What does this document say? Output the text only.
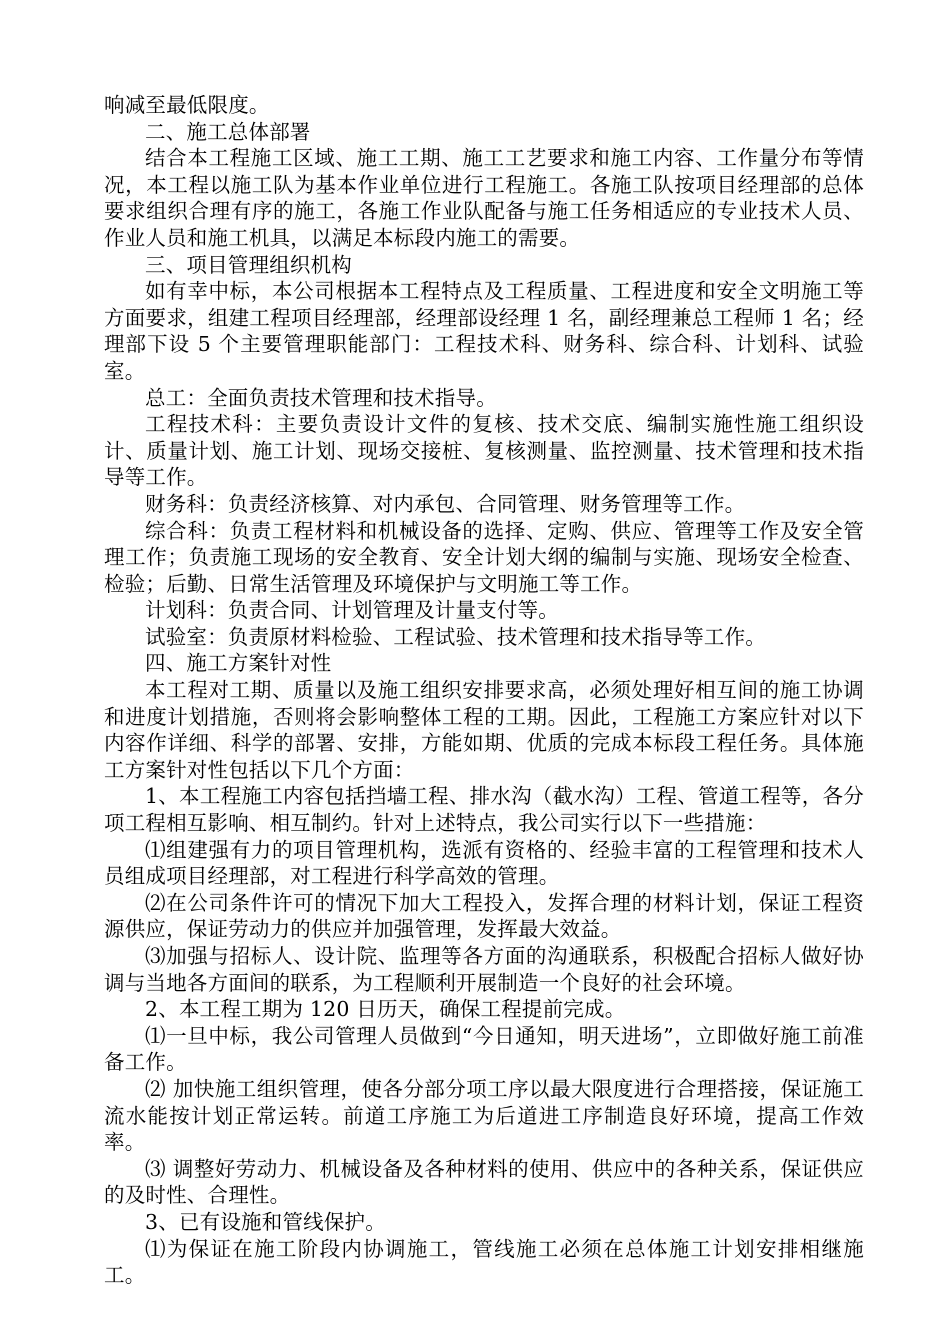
响减至最低限度。

二、施工总体部署

结合本工程施工区域、施工工期、施工工艺要求和施工内容、工作量分布等情况，本工程以施工队为基本作业单位进行工程施工。各施工队按项目经理部的总体要求组织合理有序的施工，各施工作业队配备与施工任务相适应的专业技术人员、作业人员和施工机具，以满足本标段内施工的需要。

三、项目管理组织机构

如有幸中标，本公司根据本工程特点及工程质量、工程进度和安全文明施工等方面要求，组建工程项目经理部，经理部设经理 1 名，副经理兼总工程师 1 名；经理部下设 5 个主要管理职能部门：工程技术科、财务科、综合科、计划科、试验室。

总工：全面负责技术管理和技术指导。

工程技术科：主要负责设计文件的复核、技术交底、编制实施性施工组织设计、质量计划、施工计划、现场交接桩、复核测量、监控测量、技术管理和技术指导等工作。

财务科：负责经济核算、对内承包、合同管理、财务管理等工作。

综合科：负责工程材料和机械设备的选择、定购、供应、管理等工作及安全管理工作；负责施工现场的安全教育、安全计划大纲的编制与实施、现场安全检查、检验；后勤、日常生活管理及环境保护与文明施工等工作。

计划科：负责合同、计划管理及计量支付等。

试验室：负责原材料检验、工程试验、技术管理和技术指导等工作。

四、施工方案针对性

本工程对工期、质量以及施工组织安排要求高，必须处理好相互间的施工协调和进度计划措施，否则将会影响整体工程的工期。因此，工程施工方案应针对以下内容作详细、科学的部署、安排，方能如期、优质的完成本标段工程任务。具体施工方案针对性包括以下几个方面：

1、本工程施工内容包括挡墙工程、排水沟（截水沟）工程、管道工程等，各分项工程相互影响、相互制约。针对上述特点，我公司实行以下一些措施：

⑴组建强有力的项目管理机构，选派有资格的、经验丰富的工程管理和技术人员组成项目经理部，对工程进行科学高效的管理。

⑵在公司条件许可的情况下加大工程投入，发挥合理的材料计划，保证工程资源供应，保证劳动力的供应并加强管理，发挥最大效益。

⑶加强与招标人、设计院、监理等各方面的沟通联系，积极配合招标人做好协调与当地各方面间的联系，为工程顺利开展制造一个良好的社会环境。

2、本工程工期为 120 日历天，确保工程提前完成。

⑴一旦中标，我公司管理人员做到“今日通知，明天进场”，立即做好施工前准备工作。

⑵ 加快施工组织管理，使各分部分项工序以最大限度进行合理搭接，保证施工流水能按计划正常运转。前道工序施工为后道进工序制造良好环境，提高工作效率。

⑶ 调整好劳动力、机械设备及各种材料的使用、供应中的各种关系，保证供应的及时性、合理性。

3、已有设施和管线保护。

⑴为保证在施工阶段内协调施工，管线施工必须在总体施工计划安排相继施工。
